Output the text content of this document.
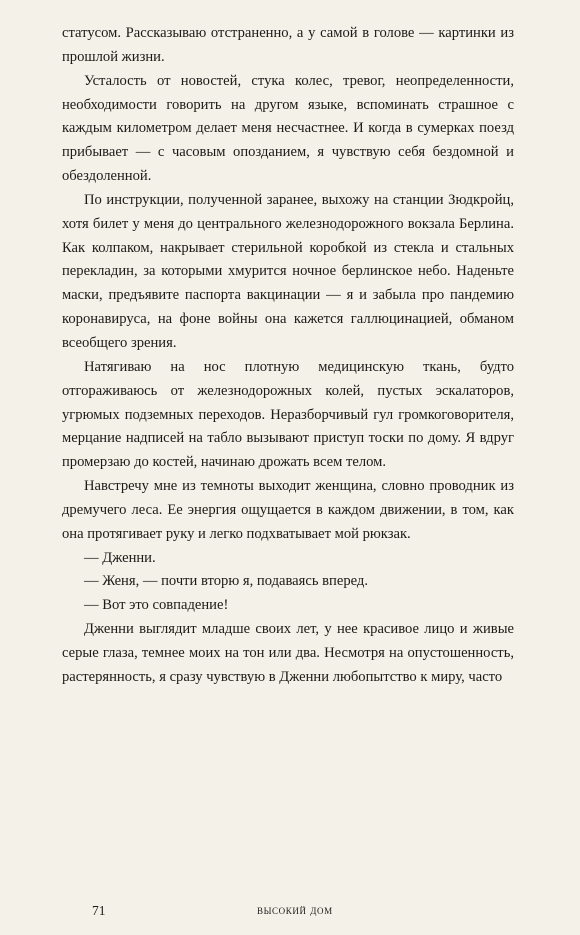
статусом. Рассказываю отстраненно, а у самой в голове — картинки из прошлой жизни.

Усталость от новостей, стука колес, тревог, неопределенности, необходимости говорить на другом языке, вспоминать страшное с каждым километром делает меня несчастнее. И когда в сумерках поезд прибывает — с часовым опозданием, я чувствую себя бездомной и обездоленной.

По инструкции, полученной заранее, выхожу на станции Зюдкройц, хотя билет у меня до центрального железнодорожного вокзала Берлина. Как колпаком, накрывает стерильной коробкой из стекла и стальных перекладин, за которыми хмурится ночное берлинское небо. Наденьте маски, предъявите паспорта вакцинации — я и забыла про пандемию коронавируса, на фоне войны она кажется галлюцинацией, обманом всеобщего зрения.

Натягиваю на нос плотную медицинскую ткань, будто отгораживаюсь от железнодорожных колей, пустых эскалаторов, угрюмых подземных переходов. Неразборчивый гул громкоговорителя, мерцание надписей на табло вызывают приступ тоски по дому. Я вдруг промерзаю до костей, начинаю дрожать всем телом.

Навстречу мне из темноты выходит женщина, словно проводник из дремучего леса. Ее энергия ощущается в каждом движении, в том, как она протягивает руку и легко подхватывает мой рюкзак.

— Дженни.

— Женя, — почти вторю я, подаваясь вперед.

— Вот это совпадение!

Дженни выглядит младше своих лет, у нее красивое лицо и живые серые глаза, темнее моих на тон или два. Несмотря на опустошенность, растерянность, я сразу чувствую в Дженни любопытство к миру, часто

71	высокий дом
